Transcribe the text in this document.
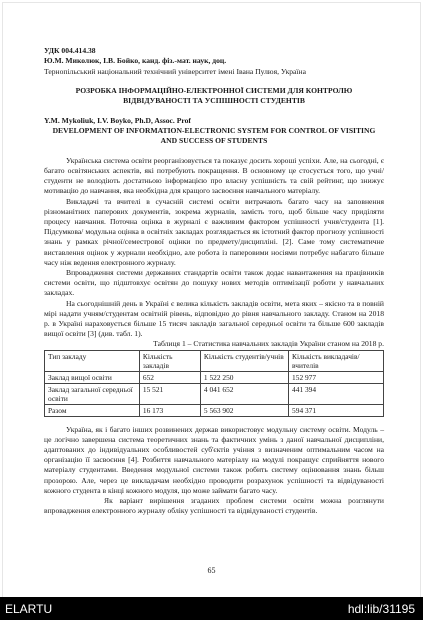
УДК 004.414.38

Ю.М. Миколюк, І.В. Бойко, канд. фіз.-мат. наук, доц.

Тернопільський національний технічний університет імені Івана Пулюя, Україна

РОЗРОБКА ІНФОРМАЦІЙНО-ЕЛЕКТРОННОЇ СИСТЕМИ ДЛЯ КОНТРОЛЮ ВІДВІДУВАНОСТІ ТА УСПІШНОСТІ СТУДЕНТІВ

Y.M. Mykoliuk, I.V. Boyko, Ph.D, Assoc. Prof

DEVELOPMENT OF INFORMATION-ELECTRONIC SYSTEM FOR CONTROL OF VISITING AND SUCCESS OF STUDENTS

Українська система освіти реорганізовується та показує досить хороші успіхи. Але, на сьогодні, є багато освітянських аспектів, які потребують покращення. В основному це стосується того, що учні/студенти не володіють достатньою інформацією про власну успішність та свій рейтинг, що знижує мотивацію до навчання, яка необхідна для кращого засвоєння навчального матеріалу.

Викладачі та вчителі в сучасній системі освіти витрачають багато часу на заповнення різноманітних паперових документів, зокрема журналів, замість того, щоб більше часу приділяти процесу навчання. Поточна оцінка в журналі є важливим фактором успішності учня/студента [1]. Підсумкова/ модульна оцінка в освітніх закладах розглядається як істотний фактор прогнозу успішності знань у рамках річної/семестрової оцінки по предмету/дисципліні. [2]. Саме тому систематичне виставлення оцінок у журнали необхідно, але робота із паперовими носіями потребує набагато більше часу ніж ведення електронного журналу.

Впровадження системи державних стандартів освіти також додає навантаження на працівників системи освіти, що підштовхує освітян до пошуку нових методів оптимізації роботи у навчальних закладах.

На сьогоднішній день в Україні є велика кількість закладів освіти, мета яких – якісно та в повній мірі надати учням/студентам освітній рівень, відповідно до рівня навчального закладу. Станом на 2018 р. в Україні нараховується більше 15 тисяч закладів загальної середньої освіти та більше 600 закладів вищої освіти [3] (див. табл. 1).

Таблиця 1 – Статистика навчальних закладів України станом на 2018 р.

Тип закладу	Кількість закладів	Кількість студентів/учнів	Кількість викладачів/вчителів
Заклад вищої освіти	652	1 522 250	152 977
Заклад загальної середньої освіти	15 521	4 041 652	441 394
Разом	16 173	5 563 902	594 371

Україна, як і багато інших розвинених держав використовує модульну систему освіти. Модуль – це логічно завершена система теоретичних знань та фактичних умінь з даної навчальної дисципліни, адаптованих до індивідуальних особливостей суб'єктів учіння з визначеним оптимальним часом на організацію її засвоєння [4]. Розбиття навчального матеріалу на модулі покращує сприйняття нового матеріалу студентами. Введення модульної системи також робить систему оцінювання знань більш прозорою. Але, через це викладачам необхідно проводити розрахунок успішності та відвідуваності кожного студента в кінці кожного модуля, що може займати багато часу.

Як варіант вирішення згаданих проблем системи освіти можна розглянути впровадження електронного журналу обліку успішності та відвідуваності студентів.

65
ELARTU	hdl:lib/31195
